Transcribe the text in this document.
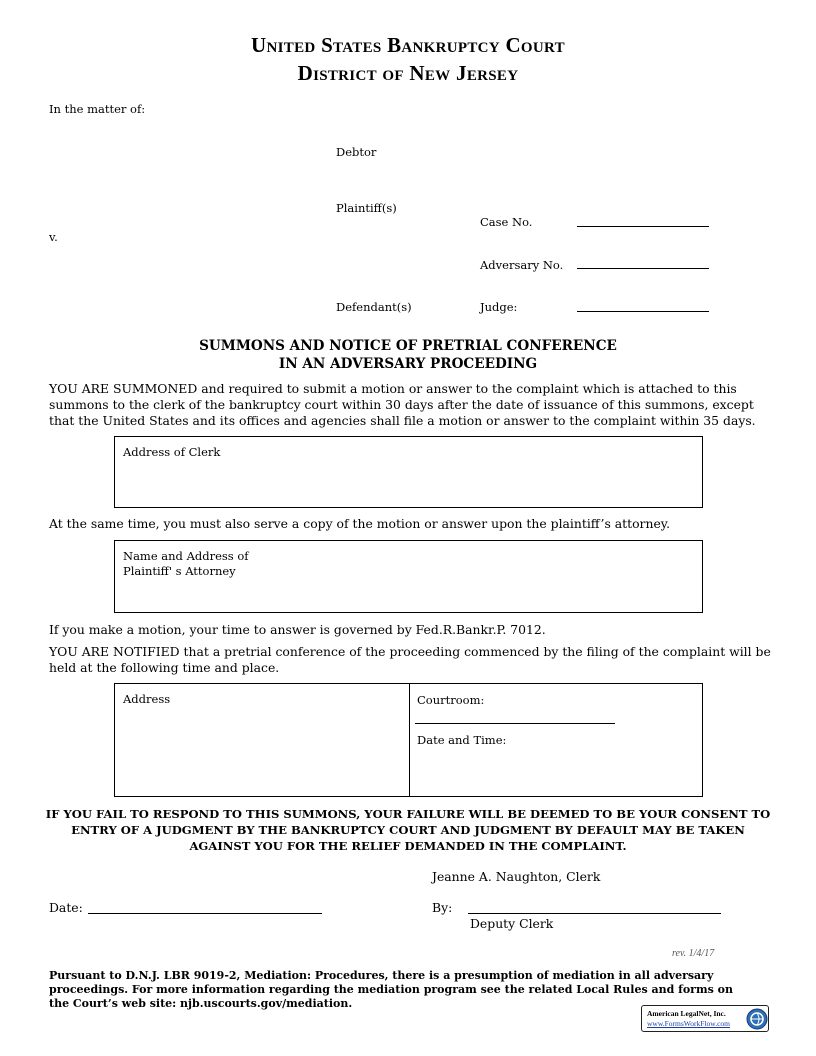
United States Bankruptcy Court
District of New Jersey
In the matter of:
Debtor
Plaintiff(s)
v.
Defendant(s)
Case No.
Adversary No.
Judge:
SUMMONS AND NOTICE OF PRETRIAL CONFERENCE
IN AN ADVERSARY PROCEEDING
YOU ARE SUMMONED and required to submit a motion or answer to the complaint which is attached to this summons to the clerk of the bankruptcy court within 30 days after the date of issuance of this summons, except that the United States and its offices and agencies shall file a motion or answer to the complaint within 35 days.
Address of Clerk
At the same time, you must also serve a copy of the motion or answer upon the plaintiff’s attorney.
Name and Address of
Plaintiff' s Attorney
If you make a motion, your time to answer is governed by Fed.R.Bankr.P. 7012.
YOU ARE NOTIFIED that a pretrial conference of the proceeding commenced by the filing of the complaint will be held at the following time and place.
Address	Courtroom:
Date and Time:
IF YOU FAIL TO RESPOND TO THIS SUMMONS, YOUR FAILURE WILL BE DEEMED TO BE YOUR CONSENT TO ENTRY OF A JUDGMENT BY THE BANKRUPTCY COURT AND JUDGMENT BY DEFAULT MAY BE TAKEN AGAINST YOU FOR THE RELIEF DEMANDED IN THE COMPLAINT.
Jeanne A. Naughton, Clerk
Date:	By:
Deputy Clerk
rev. 1/4/17
Pursuant to D.N.J. LBR 9019-2, Mediation: Procedures, there is a presumption of mediation in all adversary proceedings. For more information regarding the mediation program see the related Local Rules and forms on the Court’s web site: njb.uscourts.gov/mediation.
American LegalNet, Inc.
www.FormsWorkFlow.com
